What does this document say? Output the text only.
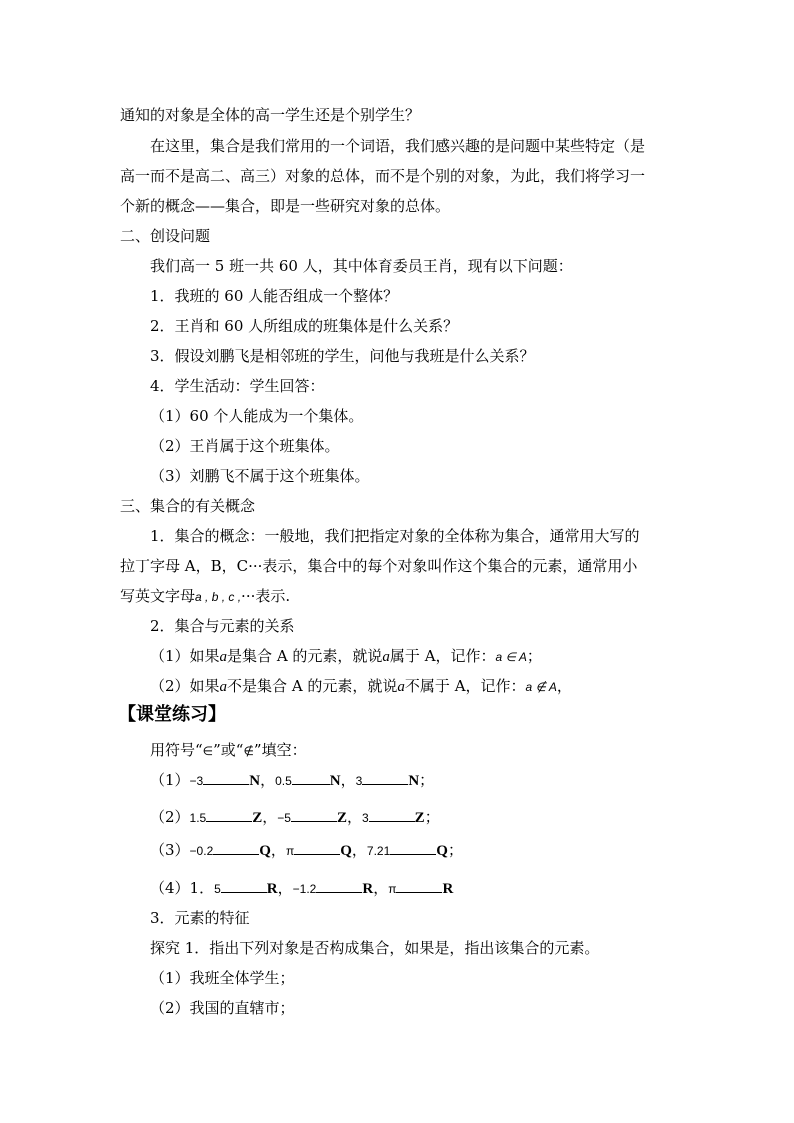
通知的对象是全体的高一学生还是个别学生？
在这里，集合是我们常用的一个词语，我们感兴趣的是问题中某些特定（是
高一而不是高二、高三）对象的总体，而不是个别的对象，为此，我们将学习一
个新的概念——集合，即是一些研究对象的总体。
二、创设问题
我们高一 5 班一共 60 人，其中体育委员王肖，现有以下问题：
1．我班的 60 人能否组成一个整体？
2．王肖和 60 人所组成的班集体是什么关系？
3．假设刘鹏飞是相邻班的学生，问他与我班是什么关系？
4．学生活动：学生回答：
（1）60 个人能成为一个集体。
（2）王肖属于这个班集体。
（3）刘鹏飞不属于这个班集体。
三、集合的有关概念
1．集合的概念：一般地，我们把指定对象的全体称为集合，通常用大写的
拉丁字母 A，B，C···表示，集合中的每个对象叫作这个集合的元素，通常用小
写英文字母a , b , c ,···表示.
2．集合与元素的关系
（1）如果a是集合 A 的元素，就说a属于 A，记作：a ∈ A；
（2）如果a不是集合 A 的元素，就说a不属于 A，记作：a ∉ A，
【课堂练习】
用符号“∈”或“∉”填空：
（1）−3	N，0.5	N，3	N；
（2）1.5	Z，−5	Z，3	Z；
（3）−0.2	Q，π	Q，7.21	Q；
（4）1．5	R，−1.2	R，π	R
3．元素的特征
探究 1．指出下列对象是否构成集合，如果是，指出该集合的元素。
（1）我班全体学生；
（2）我国的直辖市；
